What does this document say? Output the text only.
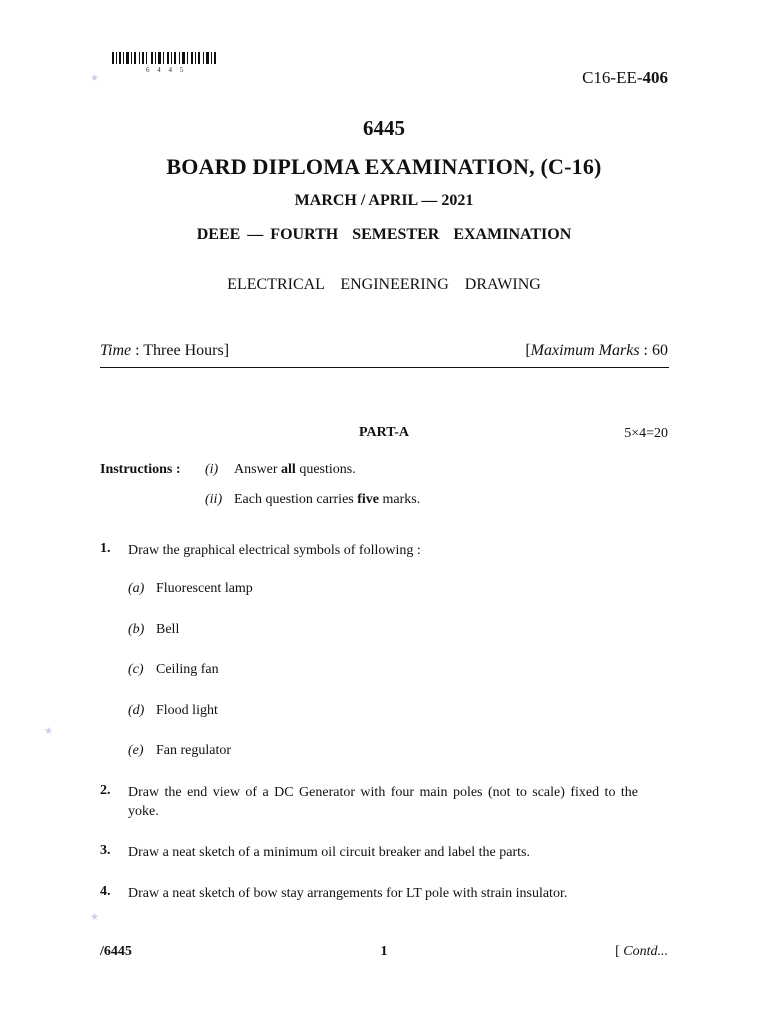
6 4 4 5	C16-EE-406
★
★
★
6445
BOARD DIPLOMA EXAMINATION, (C-16)
MARCH / APRIL — 2021
DEEE — FOURTH  SEMESTER  EXAMINATION
ELECTRICAL  ENGINEERING  DRAWING
Time : Three Hours]	[Maximum Marks : 60
PART-A	5×4=20
Instructions : (i) Answer all questions.
(ii) Each question carries five marks.
1. Draw the graphical electrical symbols of following :
(a) Fluorescent lamp
(b) Bell
(c) Ceiling fan
(d) Flood light
(e) Fan regulator
2. Draw the end view of a DC Generator with four main poles (not to scale) fixed to the yoke.
3. Draw a neat sketch of a minimum oil circuit breaker and label the parts.
4. Draw a neat sketch of bow stay arrangements for LT pole with strain insulator.
/6445	1	[ Contd...
